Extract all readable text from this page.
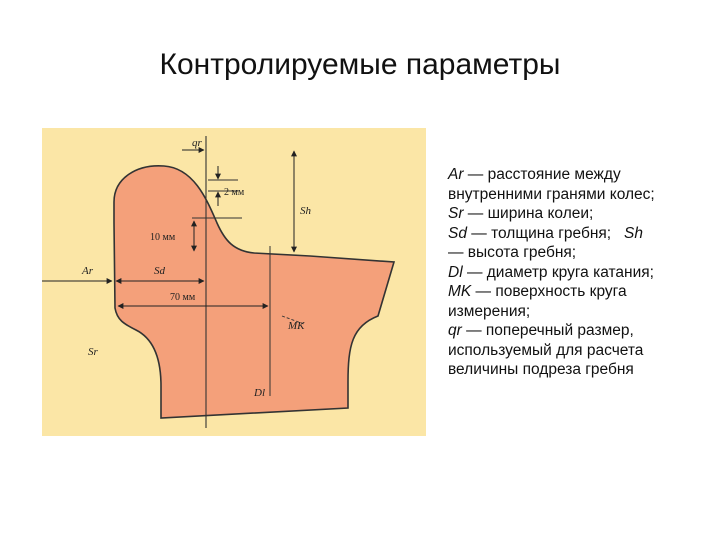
Контролируемые параметры
qr
2 мм
10 мм
Sh
Ar	Sd
70 мм
Dl
MK
Sr
Ar — расстояние между
внутренними гранями колес;
Sr — ширина колеи;
Sd — толщина гребня; Sh
— высота гребня;
Dl — диаметр круга катания;
MK — поверхность круга
измерения;
qr — поперечный размер,
используемый для расчета
величины подреза гребня
